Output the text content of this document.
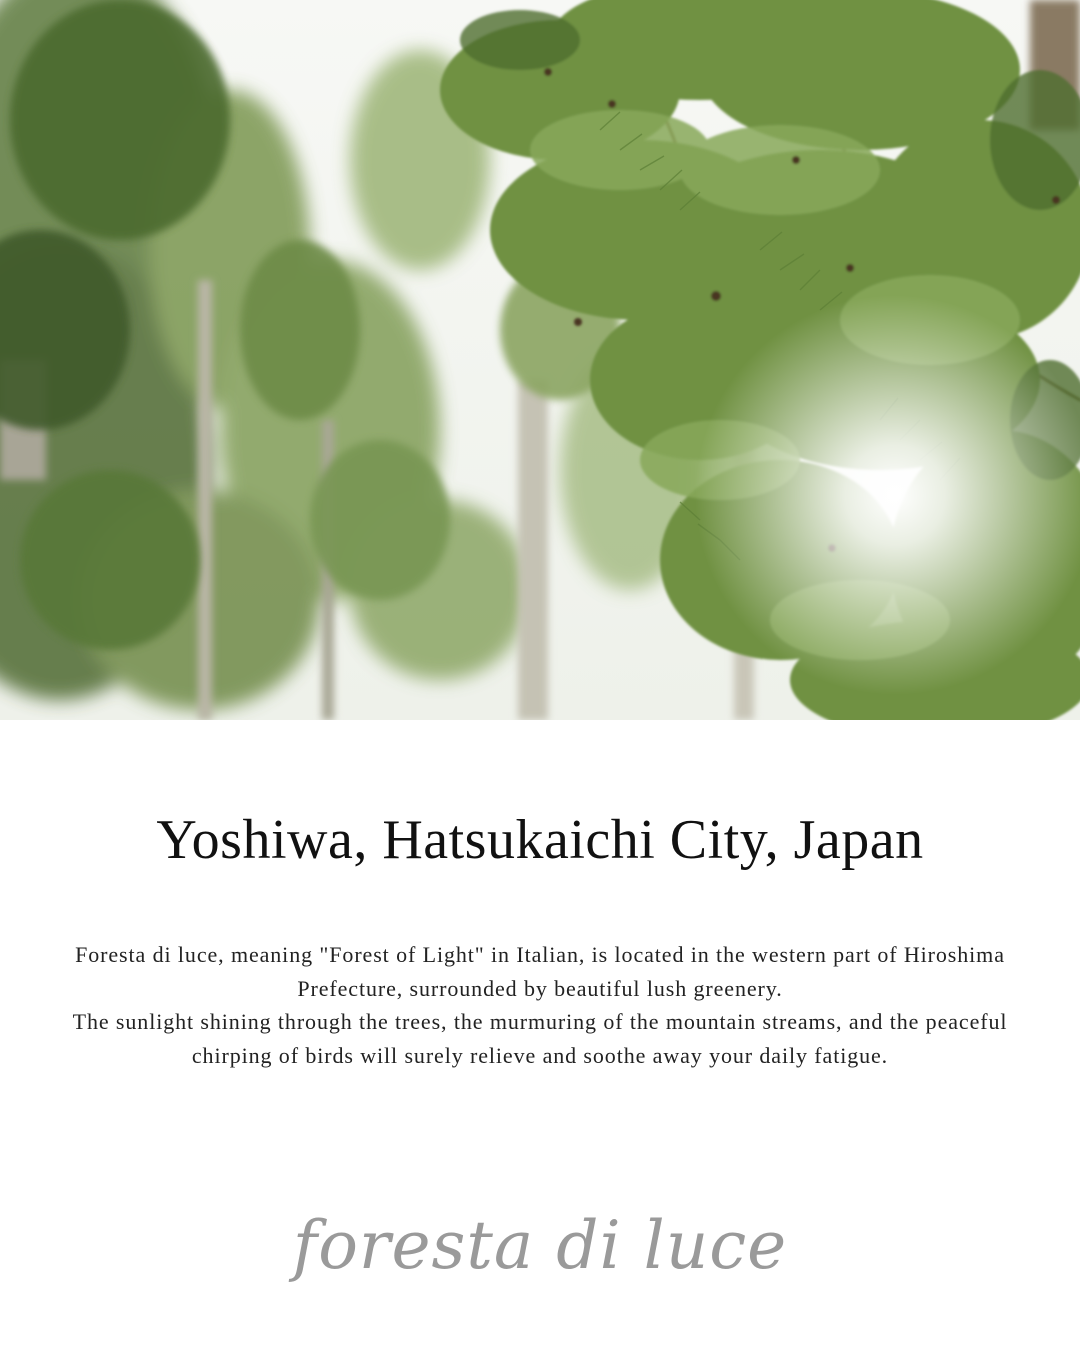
Yoshiwa, Hatsukaichi City, Japan

Foresta di luce, meaning "Forest of Light" in Italian, is located in the western part of Hiroshima Prefecture, surrounded by beautiful lush greenery.

The sunlight shining through the trees, the murmuring of the mountain streams, and the peaceful chirping of birds will surely relieve and soothe away your daily fatigue.

foresta di luce
